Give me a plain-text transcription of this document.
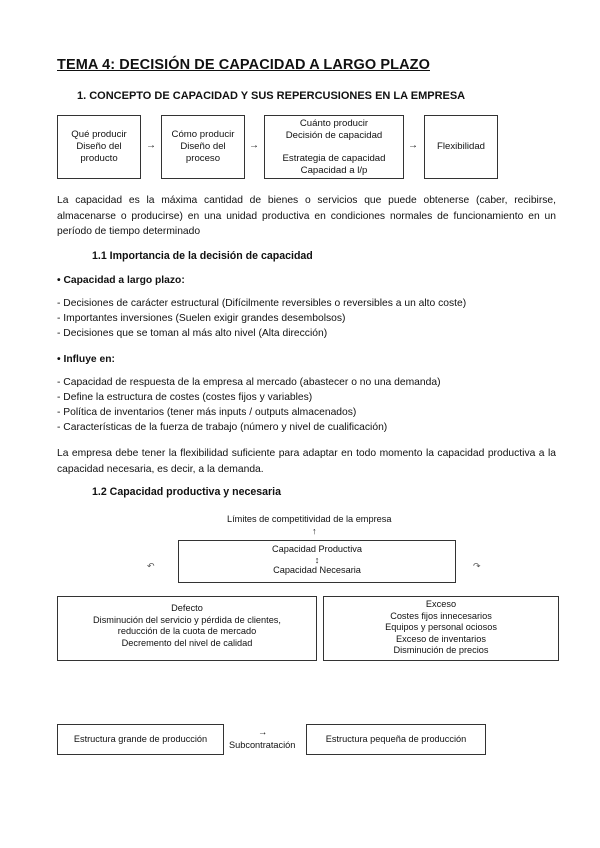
TEMA 4: DECISIÓN DE CAPACIDAD A LARGO PLAZO
1. CONCEPTO DE CAPACIDAD Y SUS REPERCUSIONES EN LA EMPRESA
Qué producir
Diseño del
producto
→
Cómo producir
Diseño del
proceso
→
Cuánto producir
Decisión de capacidad
Estrategia de capacidad
Capacidad a l/p
→ Flexibilidad
La capacidad es la máxima cantidad de bienes o servicios que puede obtenerse (caber, recibirse, almacenarse o producirse) en una unidad productiva en condiciones normales de funcionamiento en un período de tiempo determinado
1.1 Importancia de la decisión de capacidad
• Capacidad a largo plazo:
- Decisiones de carácter estructural (Difícilmente reversibles o reversibles a un alto coste)
- Importantes inversiones (Suelen exigir grandes desembolsos)
- Decisiones que se toman al más alto nivel (Alta dirección)
• Influye en:
- Capacidad de respuesta de la empresa al mercado (abastecer o no una demanda)
- Define la estructura de costes (costes fijos y variables)
- Política de inventarios (tener más inputs / outputs almacenados)
- Características de la fuerza de trabajo (número y nivel de cualificación)
La empresa debe tener la flexibilidad suficiente para adaptar en todo momento la capacidad productiva a la capacidad necesaria, es decir, a la demanda.
1.2 Capacidad productiva y necesaria
Límites de competitividad de la empresa
↑
Capacidad Productiva
↕
Capacidad Necesaria
↶	↷
Defecto
Disminución del servicio y pérdida de clientes,
reducción de la cuota de mercado
Decremento del nivel de calidad
Exceso
Costes fijos innecesarios
Equipos y personal ociosos
Exceso de inventarios
Disminución de precios
Estructura grande de producción
→
Subcontratación
Estructura pequeña de producción
